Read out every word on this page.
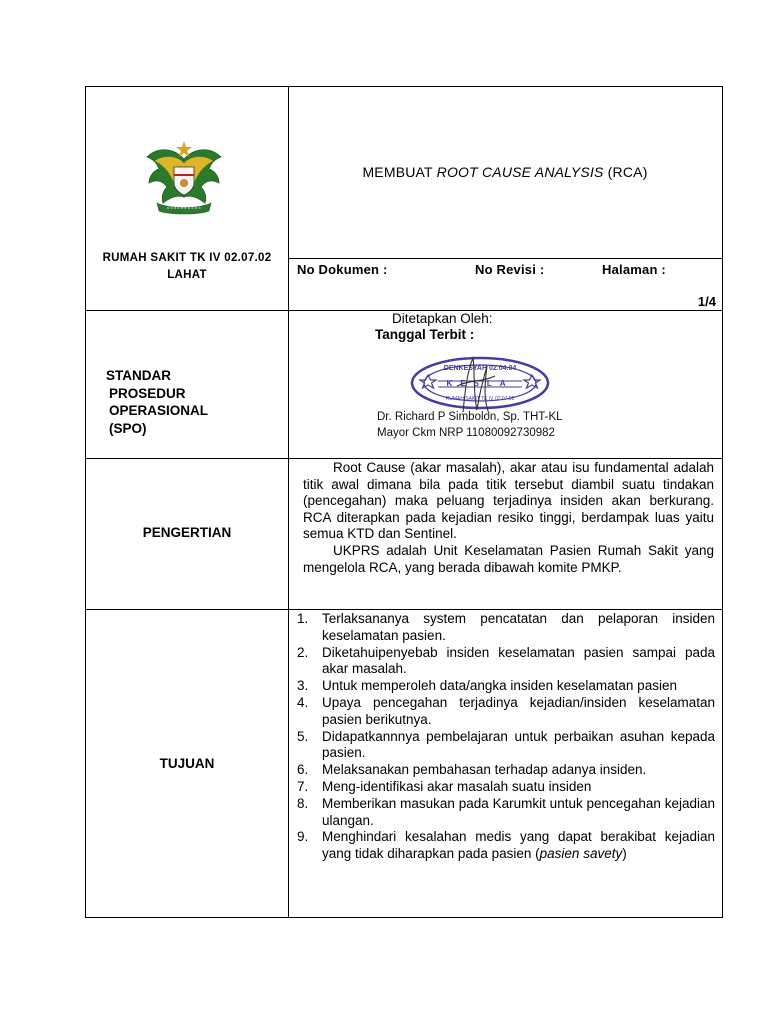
RUMAH SAKIT TK IV 02.07.02 LAHAT
MEMBUAT ROOT CAUSE ANALYSIS (RCA)
No Dokumen :	No Revisi :	Halaman :
1/4
STANDAR
PROSEDUR
OPERASIONAL
(SPO)
Ditetapkan Oleh:
Tanggal Terbit :
DENKESYAH 02.04.04
KESLA
RUMAH SAKIT TK IV 02.07.02
Dr. Richard P Simbolon, Sp. THT-KL
Mayor Ckm NRP 11080092730982
PENGERTIAN

Root Cause (akar masalah), akar atau isu fundamental adalah titik awal dimana bila pada titik tersebut diambil suatu tindakan (pencegahan) maka peluang terjadinya insiden akan berkurang. RCA diterapkan pada kejadian resiko tinggi, berdampak luas yaitu semua KTD dan Sentinel.

UKPRS adalah Unit Keselamatan Pasien Rumah Sakit yang mengelola RCA, yang berada dibawah komite PMKP.

TUJUAN
1. Terlaksananya system pencatatan dan pelaporan insiden keselamatan pasien.
2. Diketahuipenyebab insiden keselamatan pasien sampai pada akar masalah.
3. Untuk memperoleh data/angka insiden keselamatan pasien
4. Upaya pencegahan terjadinya kejadian/insiden keselamatan pasien berikutnya.
5. Didapatkannnya pembelajaran untuk perbaikan asuhan kepada pasien.
6. Melaksanakan pembahasan terhadap adanya insiden.
7. Meng-identifikasi akar masalah suatu insiden
8. Memberikan masukan pada Karumkit untuk pencegahan kejadian ulangan.
9. Menghindari kesalahan medis yang dapat berakibat kejadian yang tidak diharapkan pada pasien (pasien savety)
